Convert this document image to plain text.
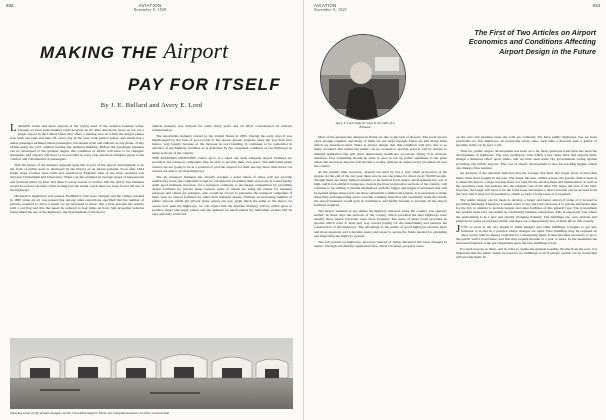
932	AVIATION
November 9, 1929
MAKING THE Airport
PAY FOR ITSELF
By J. E. Bullard and Avery E. Lord

LARGER, better and more airports is the crying need of the aviation industry today. Though we have been making rapid progress in all other directions, more or not yet a single airport in the United States that offers a landing area on which the largest planes now built can land and take off, every day in the year, with perfect safety, and which has a union passenger terminal where passengers can debark from and embark on any plane, of any airline using the port, without leaving the terminal building. Before the passenger business can be developed to the greatest degree this condition of affairs will have to be changed. Adequate, safe airports will have to be provided at every stop and more attention given to the comfort and convenience of passengers.

That the future of the industry depends upon this is part of the airport development to be the form of public ports is discussed by the history of an inland systems. Soon after 1824 steam stage coaches were built and operated in England. One of the lines operated was between Cheltenham and Gloucester. These coaches attained an average speed of between ten and fourteen miles an hour and there is every reason to believe that the motor bus business would soon have secured a firm footing had the steam coach lines not been forced the use of the highways.

Obstructive legislation was passed. Prohibitive tolls were charged and the climax reached in 1865 when an act was passed that among other restrictions specified that the number of persons required to drive a steam car be increased to three, that a man precede the vehicle with a red flag and that the speed be reduced to four miles an hour. Self-propelled vehicles being timed the use of the highways, the development of the motor

vehicle industry was delayed for some thirty years and all effort concentrated on railroad transportation.

The automobile industry started in the United States in 1895. During the early days it was handicapped by the lack of good roads. It has shown greater progress since the war than ever before, very largely because of the increase in road building. It continues to be somewhat in advance of the highway facilities as is indicated by the congested condition of our highways in many sections of the country.

THE AVIATION INDUSTRY cannot grow at a rapid rate until adequate airport facilities are provided. Air transport companies may be able to provide their own ports. The individual plane owners are not going to be in a position to provide airports for their use any more than motor car owners are able to provide highways.

The air transport business has already reached a point where if cities will not provide satisfactory ports, the companies would be warranted in providing their own ports. It would hardly seem good business, however, for a transport company to encourage competition by providing airport facilities for private plane owners, some of whom are using the planes for business purposes and others for pleasure, who would be forced to patronize the transport companies if there were no airport facilities for other than transport planes. Without an increasing number of public airports which the private plane owner can use, again much the same as the motor car owner now uses the highways, we can expect that the airplane industry will be called upon to produce larger and larger planes and the demand for small planes for individual owners will be very seriously restricted.

Showing some of the private hangars at the Cleveland Airport. These are completed and are in other construction
AVIATION
November 9, 1929
933
Avery E. Lord ready for work in the cabin of a Travelair
The First of Two Articles on Airport Economics and Conditions Affecting Airport Design in the Future

Most of the present-day dangers in flying are due to the lack of airports. The ports are not close enough together, and many of them are not large enough. There are still many ships which are heavier-to-land. There is always danger that this condition will give rise to so many accidents that unless the public can be aroused to provide ports it will be unwise to demand legislation that will place unnecessary handicaps on private flying. It is obvious, therefore, how something should be done at once to stir up public sentiment to the point where the necessary airports will become a reality, perhaps an airport every ten miles all over the country.

At the present time, however, airports are used by but a very small proportion of the people. At the end of the last year there was in use one plane for about every 50,000 people. Though there are many indirect benefits to be derived from airport developments the cost is high, and it is doubtful if taxpayers, even in the most progressive sections of the country, will continue to be willing to burden themselves with the bigger and bigger bond issues that will be needed unless these ports can show substantial commercial returns. It is necessary to make these fully self-supporting and to provide a sinking fund that will eventually retire the bonds, the airport business would gain in confidence, and hardly hesitate to provide all the airport facilities required.

The airport situation is not unlike the highway situation when the country was sparsely settled. In those days the sections of the country which provided the best highways were usually those where toll-roads were most frequent. The users of these roads provided an income which went at least part way toward paying for the maintaining and perhaps the construction of the highways. The advantage to the public of good highways became more and more apparent, and it became easier and easier to secure the funds needed for extending and improving the highway system.

The toll system on highways, however, instead of being discarded has been changed in nature. Through automobile registration fees, drivers' licenses, property taxes

on the cars and gasoline taxes the tolls are collected. We have public highways, but we have practically no free highways. In practically every state, each time a motorist puts a gallon of gasoline in his car he pays a toll.

Thus far, public airport development has been on a far more generous basis than has been the development of highways. The very profligacy with which a few cities have had airports built, though a deterrent effect upon others, and we have seen some city governments voting against providing city public airports. The cost of airport development is also far-reaching higher, which also makes cities hesitate.

An analysis of the situation indicates that the average city must buy larger areas of land than many cities have bought in the past. The larger the area, within reason, the greater chance there is to make the airport a large revenue field, not only till the development and maintenance as well as the operating costs, but perhaps also the original cost of the land. The larger the area of the land, however, the larger will have to be the bond issue and unless a direct revenue can be secured from the very start it may not be possible to obtain so large a bond issue as is required.

The public money can be made to develop a larger and better airport if some of it is used in providing buildings. Therefore it seems wiser to buy the land and lease it to private enterprise than for the city to attempt to provide hangar and other facilities of this general type. The government has seldom been very successful in conducting business enterprises. This is especially true where the undertaking is in a new and rapidly changing industry. The buildings are, very seldom, and plants have rarely proved successful, and there are comparatively few of them left in this country.

JUST as soon as the city begins to build hangars and other buildings it begins to get into business. It is also in a position where changes are rapid. New buildings may be required on short notice with no money available for constructing them. It then becomes necessary to go to the public with a bond issue, and this may require months or a year or more. In the meantime the increased business at the port dependent upon the new buildings is lost.

For such reasons as these, and in order to realize the greatest possible income from the port, it is important that the public funds be used for no buildings at all if private capital can be found that will provide them. In
